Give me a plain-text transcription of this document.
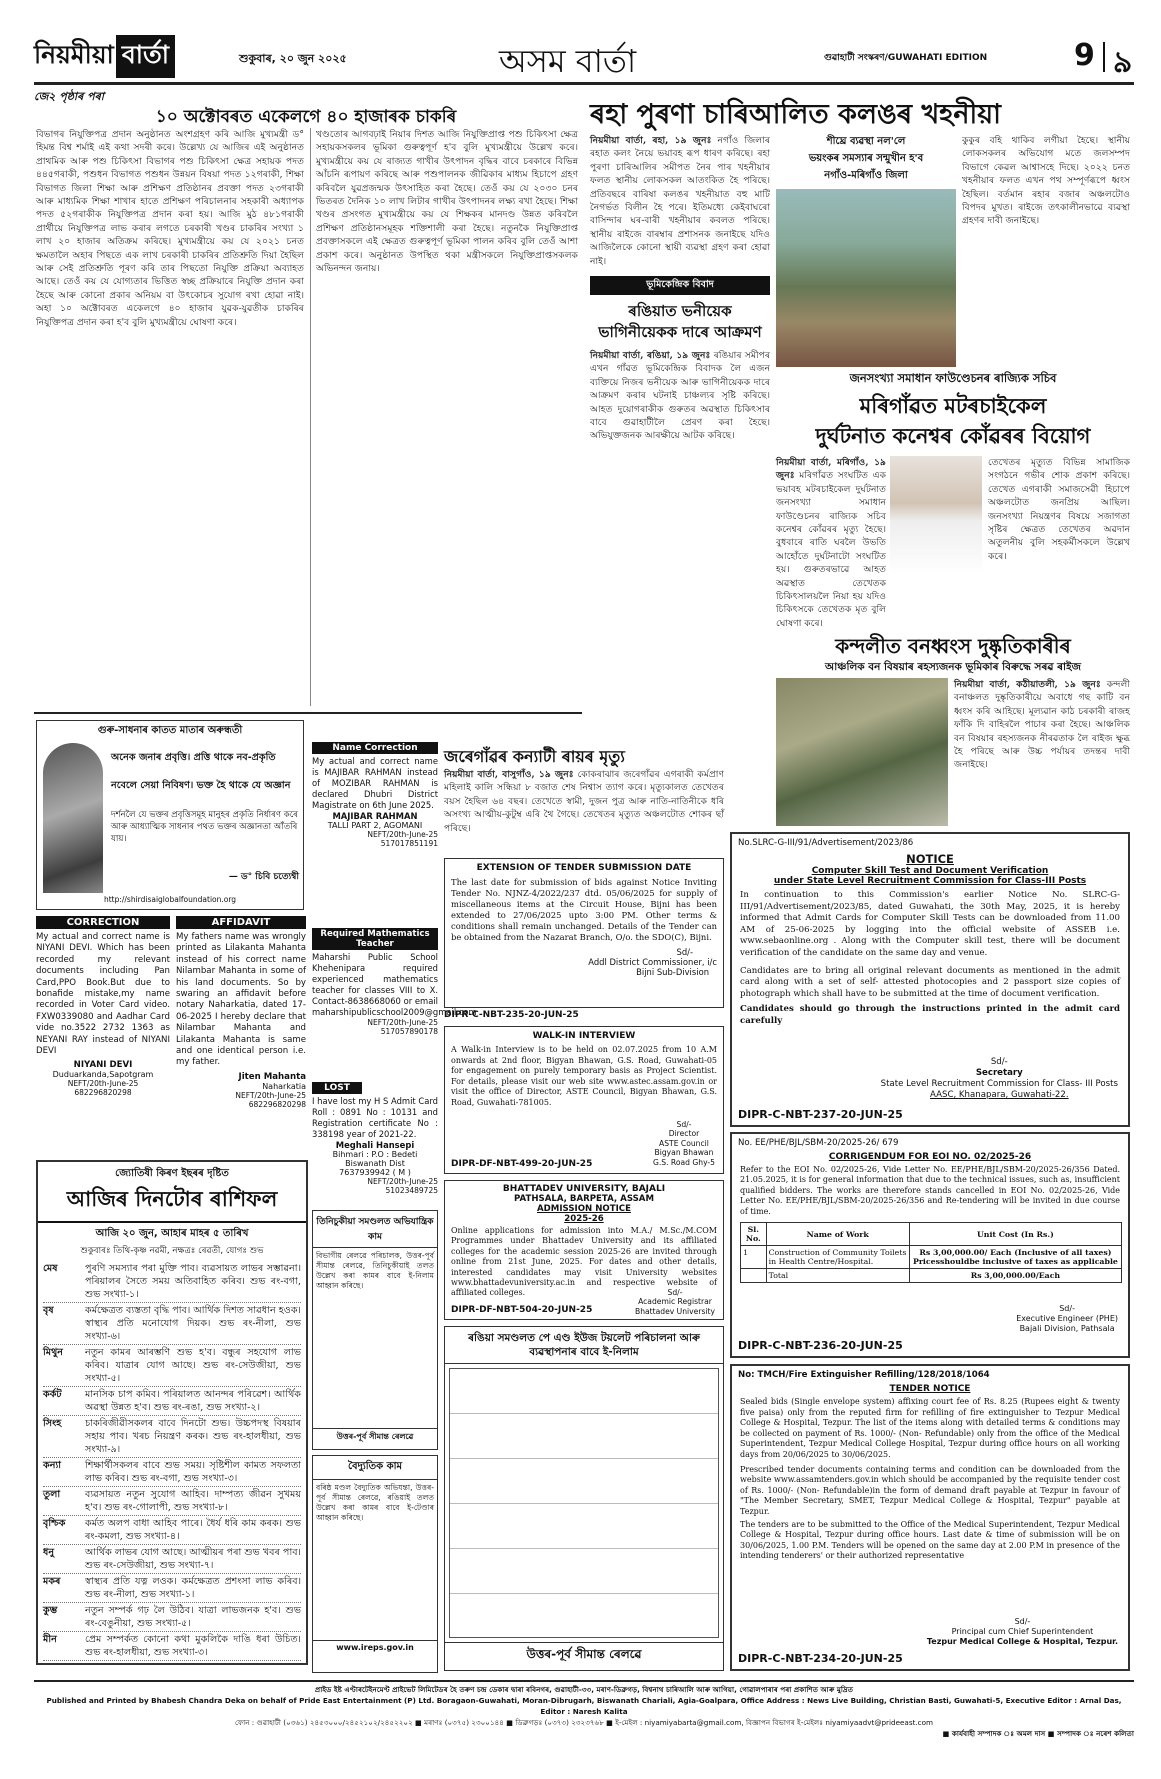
নিয়মীয়া বাৰ্তা	শুকুবাৰ, ২০ জুন ২০২৫	অসম বাৰ্তা	গুৱাহাটী সংস্কৰণ/GUWAHATI EDITION	9 ৯
জে২ পৃষ্ঠাৰ পৰা
১০ অক্টোবৰত একেলগে ৪০ হাজাৰক চাকৰি
বিভাগৰ নিযুক্তিপত্ৰ প্ৰদান অনুষ্ঠানত অংশগ্ৰহণ কৰি আজি মুখ্যমন্ত্ৰী ড° হিমন্ত বিশ্ব শৰ্মাই এই কথা সদৰী কৰে। উল্লেখ্য যে আজিৰ এই অনুষ্ঠানত প্ৰাথমিক আৰু পশু চিকিৎসা বিভাগৰ পশু চিকিৎসা ক্ষেত্ৰ সহায়ক পদত ৪৪৫গৰাকী, পশুধন বিভাগত পশুধন উন্নয়ন বিষয়া পদত ১২গৰাকী, শিক্ষা বিভাগত জিলা শিক্ষা আৰু প্ৰশিক্ষণ প্ৰতিষ্ঠানৰ প্ৰবক্তা পদত ২৩গৰাকী আৰু মাধ্যমিক শিক্ষা শাখাৰ হাতে প্ৰশিক্ষণ পৰিচালনাৰ সহকাৰী অধ্যাপক পদত ৫২গৰাকীক নিযুক্তিপত্ৰ প্ৰদান কৰা হয়। আজি মুঠ ৪৮১গৰাকী প্ৰাৰ্থীয়ে নিযুক্তিপত্ৰ লাভ কৰাৰ লগতে চৰকাৰী খণ্ডৰ চাকৰিৰ সংখ্যা ১ লাখ ২০ হাজাৰ অতিক্ৰম কৰিছে। মুখ্যমন্ত্ৰীয়ে কয় যে ২০২১ চনত ক্ষমতালৈ অহাৰ পিছতে এক লাখ চৰকাৰী চাকৰিৰ প্ৰতিশ্ৰুতি দিয়া হৈছিল আৰু সেই প্ৰতিশ্ৰুতি পূৰণ কৰি তাৰ পিছতো নিযুক্তি প্ৰক্ৰিয়া অব্যাহত আছে। তেওঁ কয় যে যোগ্যতাৰ ভিত্তিত স্বচ্ছ প্ৰক্ৰিয়াৰে নিযুক্তি প্ৰদান কৰা হৈছে আৰু কোনো প্ৰকাৰ অনিয়ম বা উৎকোচৰ সুযোগ ৰখা হোৱা নাই। অহা ১০ অক্টোবৰত একেলগে ৪০ হাজাৰ যুৱক-যুৱতীক চাকৰিৰ নিযুক্তিপত্ৰ প্ৰদান কৰা হ'ব বুলি মুখ্যমন্ত্ৰীয়ে ঘোষণা কৰে।
খণ্ডতোৰ আগবঢ়াই নিয়াৰ দিশত আজি নিযুক্তিপ্ৰাপ্ত পশু চিকিৎসা ক্ষেত্ৰ সহায়কসকলৰ ভূমিকা গুৰুত্বপূৰ্ণ হ'ব বুলি মুখ্যমন্ত্ৰীয়ে উল্লেখ কৰে। মুখ্যমন্ত্ৰীয়ে কয় যে ৰাজ্যত গাখীৰ উৎপাদন বৃদ্ধিৰ বাবে চৰকাৰে বিভিন্ন আঁচনি ৰূপায়ণ কৰিছে আৰু পশুপালনক জীৱিকাৰ মাধ্যম হিচাপে গ্ৰহণ কৰিবলৈ যুৱপ্ৰজন্মক উৎসাহিত কৰা হৈছে। তেওঁ কয় যে ২০৩০ চনৰ ভিতৰত দৈনিক ১০ লাখ লিটাৰ গাখীৰ উৎপাদনৰ লক্ষ্য ৰখা হৈছে। শিক্ষা খণ্ডৰ প্ৰসংগত মুখ্যমন্ত্ৰীয়ে কয় যে শিক্ষকৰ মানদণ্ড উন্নত কৰিবলৈ প্ৰশিক্ষণ প্ৰতিষ্ঠানসমূহক শক্তিশালী কৰা হৈছে। নতুনকৈ নিযুক্তিপ্ৰাপ্ত প্ৰবক্তাসকলে এই ক্ষেত্ৰত গুৰুত্বপূৰ্ণ ভূমিকা পালন কৰিব বুলি তেওঁ আশা প্ৰকাশ কৰে। অনুষ্ঠানত উপস্থিত থকা মন্ত্ৰীসকলে নিযুক্তিপ্ৰাপ্তসকলক অভিনন্দন জনায়।
গুৰু-সাধনাৰ কাতত মাতাৰ অৰুন্ধতী
অনেক জনাৰ প্ৰবৃত্তি। প্ৰত্তি থাকে নব-প্ৰকৃতি
নবেলে সেয়া নিবিষণ। ভক্ত হৈ থাকে যে অজ্ঞান
দৰ্শনলৈ যে ভক্তৰ প্ৰবৃত্তিসমূহ মানুহৰ প্ৰকৃতি নিৰ্ধাৰণ কৰে আৰু আধ্যাত্মিক সাধনাৰ পথত ভক্তৰ অজ্ঞানতা আঁতৰি যায়।
— ড° চিবি চত্যেশ্বী
http://shirdisaiglobalfoundation.org
CORRECTION
My actual and correct name is NIYANI DEVI. Which has been recorded my relevant documents including Pan Card,PPO Book.But due to bonafide mistake,my name recorded in Voter Card video. FXW0339080 and Aadhar Card vide no.3522 2732 1363 as NEYANI RAY instead of NIYANI DEVI
NIYANI DEVI
Duduarkanda,Sapotgram
NEFT/20th-June-25
682296820298
AFFIDAVIT
My fathers name was wrongly printed as Lilakanta Mahanta instead of his correct name Nilambar Mahanta in some of his land documents. So by swaring an affidavit before notary Naharkatia, dated 17-06-2025 I hereby declare that Nilambar Mahanta and Lilakanta Mahanta is same and one identical person i.e. my father.
Jiten Mahanta
Naharkatia
NEFT/20th-June-25
682296820298
Name Correction
My actual and correct name is MAJIBAR RAHMAN instead of MOZIBAR RAHMAN is declared Dhubri District Magistrate on 6th June 2025.
MAJIBAR RAHMAN
TALLI PART 2, AGOMANI
NEFT/20th-June-25
517017851191
Required Mathematics Teacher
Maharshi Public School Khehenipara required experienced mathematics teacher for classes VIII to X. Contact-8638668060 or email maharshipublicschool2009@gmail.com
NEFT/20th-June-25
517057890178
LOST
I have lost my H S Admit Card Roll : 0891 No : 10131 and Registration certificate No : 338198 year of 2021-22.
Meghali Hansepi
Bihmari : P.O : Bedeti Biswanath Dist
7637939942 ( M )
NEFT/20th-June-25
51023489725
জ্যোতিষী কিৰণ ইছৰৰ দৃষ্টিত
আজিৰ দিনটোৰ ৰাশিফল
আজি ২০ জুন, আহাৰ মাহৰ ৫ তাৰিখ
শুকুবাৰঃ তিথি-কৃষ্ণ নৱমী, নক্ষত্ৰঃ ৰেৱতী, যোগঃ শুভ
মেষ	পুৰণি সমস্যাৰ পৰা মুক্তি পাব। ব্যৱসায়ত লাভৰ সম্ভাৱনা। পৰিয়ালৰ সৈতে সময় অতিবাহিত কৰিব। শুভ ৰং-বগা, শুভ সংখ্যা-১।
বৃষ	কৰ্মক্ষেত্ৰত ব্যস্ততা বৃদ্ধি পাব। আৰ্থিক দিশত সাৱধান হওক। স্বাস্থ্যৰ প্ৰতি মনোযোগ দিয়ক। শুভ ৰং-নীলা, শুভ সংখ্যা-৬।
মিথুন	নতুন কামৰ আৰম্ভণি শুভ হ'ব। বন্ধুৰ সহযোগ লাভ কৰিব। যাত্ৰাৰ যোগ আছে। শুভ ৰং-সেউজীয়া, শুভ সংখ্যা-৫।
কৰ্কট	মানসিক চাপ কমিব। পৰিয়ালত আনন্দৰ পৰিৱেশ। আৰ্থিক অৱস্থা উন্নত হ'ব। শুভ ৰং-ৰঙা, শুভ সংখ্যা-২।
সিংহ	চাকৰিজীৱীসকলৰ বাবে দিনটো শুভ। উচ্চপদস্থ বিষয়াৰ সহায় পাব। খৰচ নিয়ন্ত্ৰণ কৰক। শুভ ৰং-হালধীয়া, শুভ সংখ্যা-৯।
কন্যা	শিক্ষাৰ্থীসকলৰ বাবে শুভ সময়। সৃষ্টিশীল কামত সফলতা লাভ কৰিব। শুভ ৰং-বগা, শুভ সংখ্যা-৩।
তুলা	ব্যৱসায়ত নতুন সুযোগ আহিব। দাম্পত্য জীৱন সুখময় হ'ব। শুভ ৰং-গোলাপী, শুভ সংখ্যা-৮।
বৃশ্চিক	কৰ্মত অলপ বাধা আহিব পাৰে। ধৈৰ্য ধৰি কাম কৰক। শুভ ৰং-কমলা, শুভ সংখ্যা-৪।
ধনু	আৰ্থিক লাভৰ যোগ আছে। আত্মীয়ৰ পৰা শুভ খবৰ পাব। শুভ ৰং-সেউজীয়া, শুভ সংখ্যা-৭।
মকৰ	স্বাস্থ্যৰ প্ৰতি যত্ন লওক। কৰ্মক্ষেত্ৰত প্ৰশংসা লাভ কৰিব। শুভ ৰং-নীলা, শুভ সংখ্যা-১।
কুম্ভ	নতুন সম্পৰ্ক গঢ় লৈ উঠিব। যাত্ৰা লাভজনক হ'ব। শুভ ৰং-বেঙুনীয়া, শুভ সংখ্যা-৫।
মীন	প্ৰেম সম্পৰ্কত কোনো কথা মুকলিকৈ দাঙি ধৰা উচিত। শুভ ৰং-হালধীয়া, শুভ সংখ্যা-৩।
তিনিচুকীয়া সমণ্ডলত অভিযান্ত্ৰিক কাম
বিভাগীয় ৰেলৱে পৰিচালক, উত্তৰ-পূৰ্ব সীমান্ত ৰেলৱে, তিনিচুকীয়াই তলত উল্লেখ কৰা কামৰ বাবে ই-নিলাম আহ্বান কৰিছে।
উত্তৰ-পূৰ্ব সীমান্ত ৰেলৱে
বৈদ্যুতিক কাম
বৰিষ্ঠ মণ্ডল বৈদ্যুতিক অভিযন্তা, উত্তৰ-পূৰ্ব সীমান্ত ৰেলৱে, ৰঙিয়াই তলত উল্লেখ কৰা কামৰ বাবে ই-টেণ্ডাৰ আহ্বান কৰিছে।
www.ireps.gov.in
জৰেগাঁৱৰ কন্যাটী ৰায়ৰ মৃত্যু
নিয়মীয়া বাৰ্তা, বাসুগাঁও, ১৯ জুনঃ কোকৰাঝাৰ জৰেগাঁৱৰ এগৰাকী কৰ্মপ্ৰাণ মহিলাই কালি সন্ধিয়া ৮ বজাত শেষ নিশ্বাস ত্যাগ কৰে। মৃত্যুকালত তেখেতৰ বয়স হৈছিল ৬৪ বছৰ। তেখেতে স্বামী, দুজন পুত্ৰ আৰু নাতি-নাতিনীকে ধৰি অসংখ্য আত্মীয়-কুটুম্ব এৰি থৈ গৈছে। তেখেতৰ মৃত্যুত অঞ্চলটোত শোকৰ ছাঁ পৰিছে।
EXTENSION OF TENDER SUBMISSION DATE
The last date for submission of bids against Notice Inviting Tender No. NJNZ-4/2022/237 dtd. 05/06/2025 for supply of miscellaneous items at the Circuit House, Bijni has been extended to 27/06/2025 upto 3:00 PM. Other terms & conditions shall remain unchanged. Details of the Tender can be obtained from the Nazarat Branch, O/o. the SDO(C), Bijni.
Sd/-
Addl District Commissioner, i/c
Bijni Sub-Division
DIPR-C-NBT-235-20-JUN-25
WALK-IN INTERVIEW
A Walk-in Interview is to be held on 02.07.2025 from 10 A.M onwards at 2nd floor, Bigyan Bhawan, G.S. Road, Guwahati-05 for engagement on purely temporary basis as Project Scientist. For details, please visit our web site www.astec.assam.gov.in or visit the office of Director, ASTE Council, Bigyan Bhawan, G.S. Road, Guwahati-781005.
Sd/-
Director
ASTE Council
Bigyan Bhawan
G.S. Road Ghy-5
DIPR-DF-NBT-499-20-JUN-25
BHATTADEV UNIVERSITY, BAJALI
PATHSALA, BARPETA, ASSAM
ADMISSION NOTICE
2025-26
Online applications for admission into M.A./ M.Sc./M.COM Programmes under Bhattadev University and its affiliated colleges for the academic session 2025-26 are invited through online from 21st June, 2025. For dates and other details, interested candidates may visit University websites www.bhattadevuniversity.ac.in and respective website of affiliated colleges.	Sd/-
Academic Registrar
Bhattadev University
DIPR-DF-NBT-504-20-JUN-25
ৰঙিয়া সমণ্ডলত পে এণ্ড ইউজ টয়লেট পৰিচালনা আৰু ব্যৱস্থাপনাৰ বাবে ই-নিলাম
উত্তৰ-পূৰ্ব সীমান্ত ৰেলৱে
ৰহা পুৰণা চাৰিআলিত কলঙৰ খহনীয়া
নিয়মীয়া বাৰ্তা, ৰহা, ১৯ জুনঃ নগাঁও জিলাৰ ৰহাত কলং নৈয়ে ভয়াবহ ৰূপ ধাৰণ কৰিছে। ৰহা পুৰণা চাৰিআলিৰ সমীপত নৈৰ পাৰ খহনীয়াৰ ফলত স্থানীয় লোকসকল আতংকিত হৈ পৰিছে। প্ৰতিবছৰে বাৰিষা কলঙৰ খহনীয়াত বহু মাটি নৈগৰ্ভত বিলীন হৈ পৰে। ইতিমধ্যে কেইবাঘৰো বাসিন্দাৰ ঘৰ-বাৰী খহনীয়াৰ কবলত পৰিছে। স্থানীয় ৰাইজে বাৰম্বাৰ প্ৰশাসনক জনাইছে যদিও আজিলৈকে কোনো স্থায়ী ব্যৱস্থা গ্ৰহণ কৰা হোৱা নাই।
শীঘ্ৰে ব্যৱস্থা নল'লে
ভয়ংকৰ সমস্যাৰ সন্মুখীন হ'ব
নগাঁও-মৰিগাঁও জিলা
কুকুৰ বহি থাকিব লগীয়া হৈছে। স্থানীয় লোকসকলৰ অভিযোগ মতে জলসম্পদ বিভাগে কেৱল আশ্বাসহে দিছে। ২০২২ চনত খহনীয়াৰ ফলত এখন পথ সম্পূৰ্ণৰূপে ধ্বংস হৈছিল। বৰ্তমান ৰহাৰ বজাৰ অঞ্চলটোও বিপদৰ মুখত। ৰাইজে তৎকালীনভাৱে ব্যৱস্থা গ্ৰহণৰ দাবী জনাইছে।
ভূমিকেন্দ্ৰিক বিবাদ
ৰঙিয়াত ভনীয়েক ভাগিনীয়েকক দাৰে আক্ৰমণ
নিয়মীয়া বাৰ্তা, ৰঙিয়া, ১৯ জুনঃ ৰঙিয়াৰ সমীপৰ এখন গাঁৱত ভূমিকেন্দ্ৰিক বিবাদক লৈ এজন ব্যক্তিয়ে নিজৰ ভনীয়েক আৰু ভাগিনীয়েকক দাৰে আক্ৰমণ কৰাৰ ঘটনাই চাঞ্চল্যৰ সৃষ্টি কৰিছে। আহত দুয়োগৰাকীক গুৰুতৰ অৱস্থাত চিকিৎসাৰ বাবে গুৱাহাটীলৈ প্ৰেৰণ কৰা হৈছে। অভিযুক্তজনক আৰক্ষীয়ে আটক কৰিছে।
জনসংখ্যা সমাধান ফাউণ্ডেচনৰ ৰাজ্যিক সচিব
মৰিগাঁৱত মটৰচাইকেল
দুৰ্ঘটনাত কনেশ্বৰ কোঁৱৰৰ বিয়োগ
নিয়মীয়া বাৰ্তা, মৰিগাঁও, ১৯ জুনঃ মৰিগাঁৱত সংঘটিত এক ভয়াবহ মটৰচাইকেল দুৰ্ঘটনাত জনসংখ্যা সমাধান ফাউণ্ডেচনৰ ৰাজ্যিক সচিব কনেশ্বৰ কোঁৱৰৰ মৃত্যু হৈছে। বুধবাৰে ৰাতি ঘৰলৈ উভতি আহোঁতে দুৰ্ঘটনাটো সংঘটিত হয়। গুৰুতৰভাৱে আহত অৱস্থাত তেখেতক চিকিৎসালয়লৈ নিয়া হয় যদিও চিকিৎসকে তেখেতক মৃত বুলি ঘোষণা কৰে।
তেখেতৰ মৃত্যুত বিভিন্ন সামাজিক সংগঠনে গভীৰ শোক প্ৰকাশ কৰিছে। তেখেত এগৰাকী সমাজসেৱী হিচাপে অঞ্চলটোত জনপ্ৰিয় আছিল। জনসংখ্যা নিয়ন্ত্ৰণৰ বিষয়ে সজাগতা সৃষ্টিৰ ক্ষেত্ৰত তেখেতৰ অৱদান অতুলনীয় বুলি সহকৰ্মীসকলে উল্লেখ কৰে।
কন্দলীত বনধ্বংস দুষ্কৃতিকাৰীৰ
আঞ্চলিক বন বিষয়াৰ ৰহস্যজনক ভূমিকাৰ বিৰুদ্ধে সৰৱ ৰাইজ
নিয়মীয়া বাৰ্তা, কঠীয়াতলী, ১৯ জুনঃ কন্দলী বনাঞ্চলত দুষ্কৃতিকাৰীয়ে অবাধে গছ কাটি বন ধ্বংস কৰি আহিছে। মূল্যৱান কাঠ চৰকাৰী ৰাজহ ফাঁকি দি বাহিৰলৈ পাচাৰ কৰা হৈছে। আঞ্চলিক বন বিষয়াৰ ৰহস্যজনক নীৰৱতাক লৈ ৰাইজ ক্ষুব্ধ হৈ পৰিছে আৰু উচ্চ পৰ্যায়ৰ তদন্তৰ দাবী জনাইছে।
No.SLRC-G-III/91/Advertisement/2023/86
NOTICE
Computer Skill Test and Document Verification
under State Level Recruitment Commission for Class-III Posts
In continuation to this Commission's earlier Notice No. SLRC-G-III/91/Advertisement/2023/85, dated Guwahati, the 30th May, 2025, it is hereby informed that Admit Cards for Computer Skill Tests can be downloaded from 11.00 AM of 25-06-2025 by logging into the official website of ASSEB i.e. www.sebaonline.org . Along with the Computer skill test, there will be document verification of the candidate on the same day and venue.
Candidates are to bring all original relevant documents as mentioned in the admit card along with a set of self- attested photocopies and 2 passport size copies of photograph which shall have to be submitted at the time of document verification.
Candidates should go through the instructions printed in the admit card carefully
Sd/-
Secretary
State Level Recruitment Commission for Class- III Posts
AASC, Khanapara, Guwahati-22.
DIPR-C-NBT-237-20-JUN-25
No. EE/PHE/BJL/SBM-20/2025-26/ 679
CORRIGENDUM FOR EOI NO. 02/2025-26
Refer to the EOI No. 02/2025-26, Vide Letter No. EE/PHE/BJL/SBM-20/2025-26/356 Dated. 21.05.2025, it is for general information that due to the technical issues, such as, insufficient qualified bidders. The works are therefore stands cancelled in EOI No. 02/2025-26, Vide Letter No. EE/PHE/BJL/SBM-20/2025-26/356 and Re-tendering will be invited in due course of time.
Sl. No.	Name of Work	Unit Cost (In Rs.)
1	Construction of Community Toilets in Health Centre/Hospital.	Rs 3,00,000.00/ Each (Inclusive of all taxes) Pricesshouldbe inclusive of taxes as applicable
	Total	Rs 3,00,000.00/Each
Sd/-
Executive Engineer (PHE)
Bajali Division, Pathsala
DIPR-C-NBT-236-20-JUN-25
No: TMCH/Fire Extinguisher Refilling/128/2018/1064
TENDER NOTICE
Sealed bids (Single envelope system) affixing court fee of Rs. 8.25 (Rupees eight & twenty five paisa) only from the reputed firm for refilling of fire extinguisher to Tezpur Medical College & Hospital, Tezpur. The list of the items along with detailed terms & conditions may be collected on payment of Rs. 1000/- (Non- Refundable) only from the office of the Medical Superintendent, Tezpur Medical College Hospital, Tezpur during office hours on all working days from 20/06/2025 to 30/06/2025.
Prescribed tender documents containing terms and condition can be downloaded from the website www.assamtenders.gov.in which should be accompanied by the requisite tender cost of Rs. 1000/- (Non- Refundable)in the form of demand draft payable at Tezpur in favour of "The Member Secretary, SMET, Tezpur Medical College & Hospital, Tezpur" payable at Tezpur.
The tenders are to be submitted to the Office of the Medical Superintendent, Tezpur Medical College & Hospital, Tezpur during office hours. Last date & time of submission will be on 30/06/2025, 1.00 P.M. Tenders will be opened on the same day at 2.00 P.M in presence of the intending tenderers' or their authorized representative
Sd/-
Principal cum Chief Superintendent
Tezpur Medical College & Hospital, Tezpur.
DIPR-C-NBT-234-20-JUN-25
প্ৰাইড ইষ্ট এণ্টাৰটেইনমেণ্ট প্ৰাইভেট লিমিটেডৰ হৈ তৰুণ চন্দ্ৰ ডেকাৰ দ্বাৰা ৰবিনগৰ, গুৱাহাটী-৩৩, মৰাণ-ডিব্ৰুগড়, বিশ্বনাথ চাৰিআলি আৰু আগিয়া, গোৱালপাৰাৰ পৰা প্ৰকাশিত আৰু মুদ্ৰিত
Published and Printed by Bhabesh Chandra Deka on behalf of Pride East Entertainment (P) Ltd. Boragaon-Guwahati, Moran-Dibrugarh, Biswanath Chariali, Agia-Goalpara, Office Address : News Live Building, Christian Basti, Guwahati-5, Executive Editor : Arnal Das, Editor : Naresh Kalita
ফোন : গুৱাহাটী (০৩৬১) ২৪৫৩০০০/২৪৫২১০২/২৪৫২২০২ ■ মৰাণঃ (০৩৭৫) ২৩০০১৪৪ ■ ডিব্ৰুগড়ঃ (০৩৭৩) ২৩২৩৭৬৮ ■ ই-মেইল : niyamiyabarta@gmail.com, বিজ্ঞাপন বিভাগৰ ই-মেইলঃ niyamiyaadvt@prideeast.com
■ কাৰ্যবাহী সম্পাদক ঃ অমল দাস ■ সম্পাদক ঃ নৰেশ কলিতা
